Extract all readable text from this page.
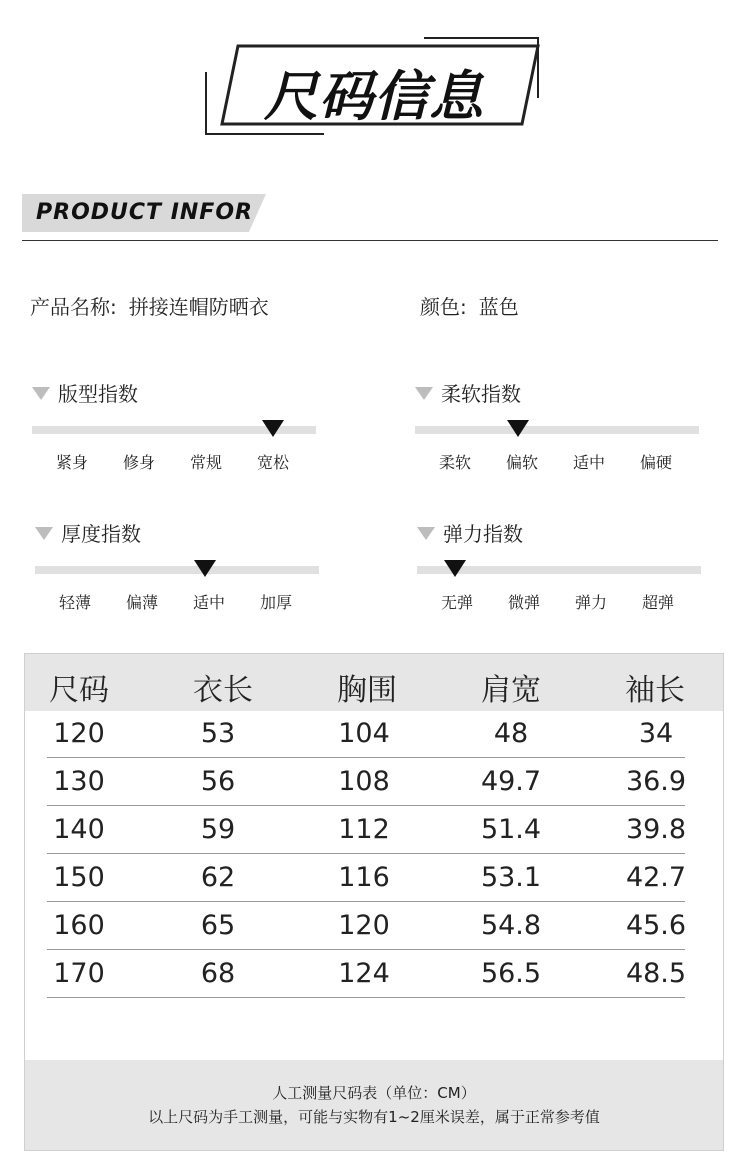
尺码信息
PRODUCT INFOR
产品名称: 拼接连帽防晒衣	颜色: 蓝色
版型指数
紧身 修身 常规 宽松
柔软指数
柔软 偏软 适中 偏硬
厚度指数
轻薄 偏薄 适中 加厚
弹力指数
无弹 微弹 弹力 超弹
尺码	衣长	胸围	肩宽	袖长
120	53	104	48	34
130	56	108	49.7	36.9
140	59	112	51.4	39.8
150	62	116	53.1	42.7
160	65	120	54.8	45.6
170	68	124	56.5	48.5
人工测量尺码表（单位：CM）
以上尺码为手工测量，可能与实物有1~2厘米误差，属于正常参考值
